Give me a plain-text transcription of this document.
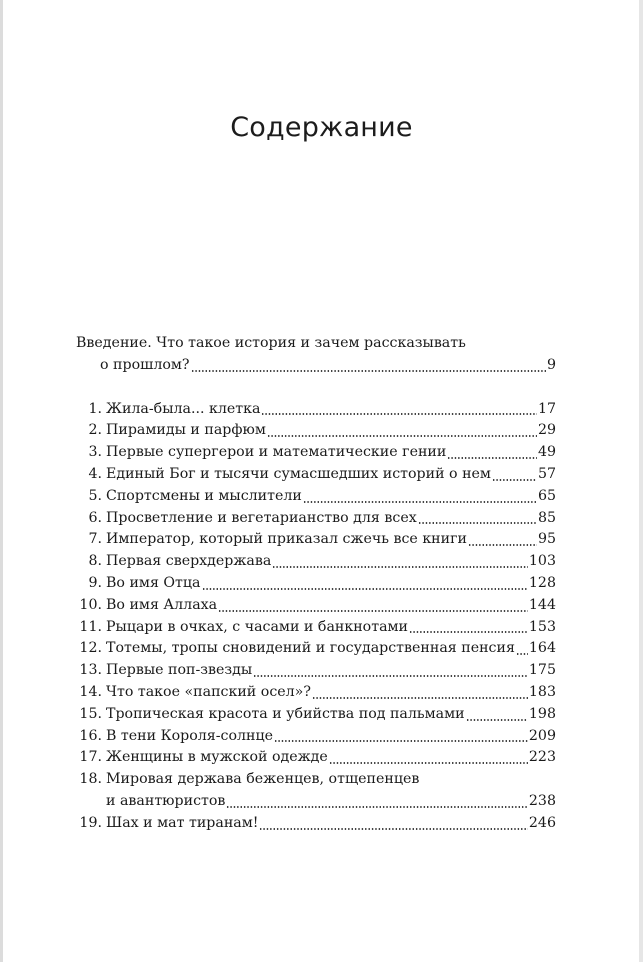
Содержание
Введение. Что такое история и зачем рассказывать
о прошлом?	9
1. Жила-была... клетка	17
2. Пирамиды и парфюм	29
3. Первые супергерои и математические гении	49
4. Единый Бог и тысячи сумасшедших историй о нем	57
5. Спортсмены и мыслители	65
6. Просветление и вегетарианство для всех	85
7. Император, который приказал сжечь все книги	95
8. Первая сверхдержава	103
9. Во имя Отца	128
10. Во имя Аллаха	144
11. Рыцари в очках, с часами и банкнотами	153
12. Тотемы, тропы сновидений и государственная пенсия 164
13. Первые поп-звезды	175
14. Что такое «папский осел»?	183
15. Тропическая красота и убийства под пальмами	198
16. В тени Короля-солнце	209
17. Женщины в мужской одежде	223
18. Мировая держава беженцев, отщепенцев
и авантюристов	238
19. Шах и мат тиранам!	246
